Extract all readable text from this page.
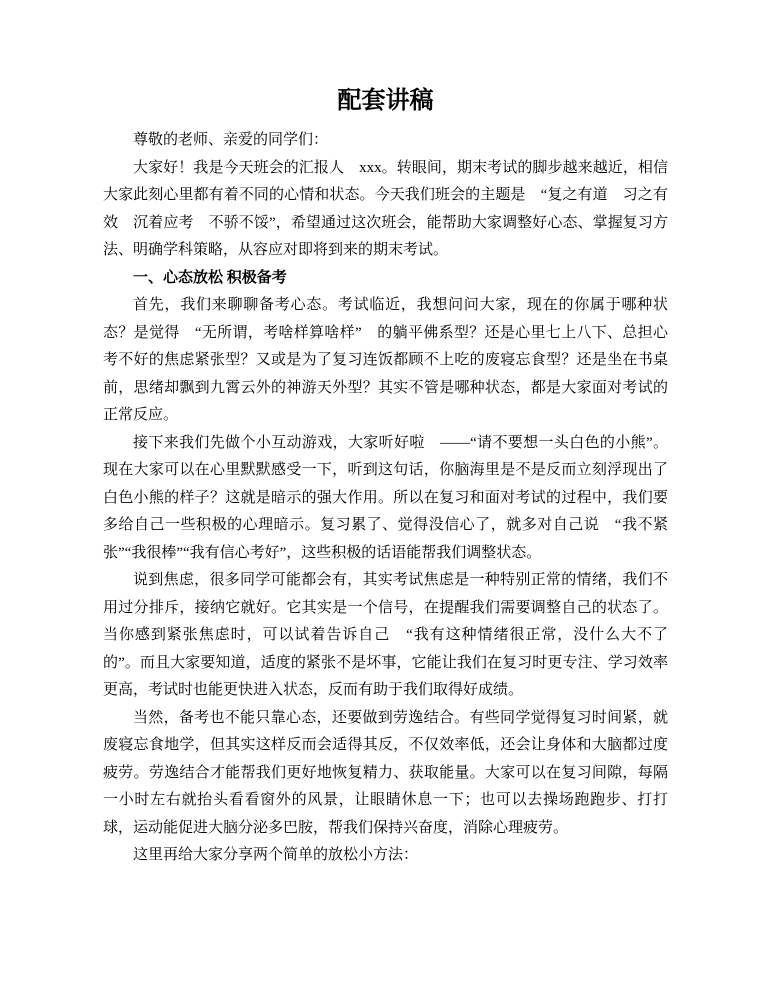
配套讲稿

尊敬的老师、亲爱的同学们：

大家好！我是今天班会的汇报人　xxx。转眼间，期末考试的脚步越来越近，相信大家此刻心里都有着不同的心情和状态。今天我们班会的主题是　“复之有道　习之有效　沉着应考　不骄不馁”，希望通过这次班会，能帮助大家调整好心态、掌握复习方法、明确学科策略，从容应对即将到来的期末考试。

一、心态放松 积极备考

首先，我们来聊聊备考心态。考试临近，我想问问大家，现在的你属于哪种状态？是觉得　“无所谓，考啥样算啥样”　的躺平佛系型？还是心里七上八下、总担心考不好的焦虑紧张型？又或是为了复习连饭都顾不上吃的废寝忘食型？还是坐在书桌前，思绪却飘到九霄云外的神游天外型？其实不管是哪种状态，都是大家面对考试的正常反应。

接下来我们先做个小互动游戏，大家听好啦　——“请不要想一头白色的小熊”。现在大家可以在心里默默感受一下，听到这句话，你脑海里是不是反而立刻浮现出了白色小熊的样子？这就是暗示的强大作用。所以在复习和面对考试的过程中，我们要多给自己一些积极的心理暗示。复习累了、觉得没信心了，就多对自己说　“我不紧张”“我很棒”“我有信心考好”，这些积极的话语能帮我们调整状态。

说到焦虑，很多同学可能都会有，其实考试焦虑是一种特别正常的情绪，我们不用过分排斥，接纳它就好。它其实是一个信号，在提醒我们需要调整自己的状态了。当你感到紧张焦虑时，可以试着告诉自己　“我有这种情绪很正常，没什么大不了的”。而且大家要知道，适度的紧张不是坏事，它能让我们在复习时更专注、学习效率更高，考试时也能更快进入状态，反而有助于我们取得好成绩。

当然，备考也不能只靠心态，还要做到劳逸结合。有些同学觉得复习时间紧，就废寝忘食地学，但其实这样反而会适得其反，不仅效率低，还会让身体和大脑都过度疲劳。劳逸结合才能帮我们更好地恢复精力、获取能量。大家可以在复习间隙，每隔一小时左右就抬头看看窗外的风景，让眼睛休息一下；也可以去操场跑跑步、打打球，运动能促进大脑分泌多巴胺，帮我们保持兴奋度，消除心理疲劳。

这里再给大家分享两个简单的放松小方法：
